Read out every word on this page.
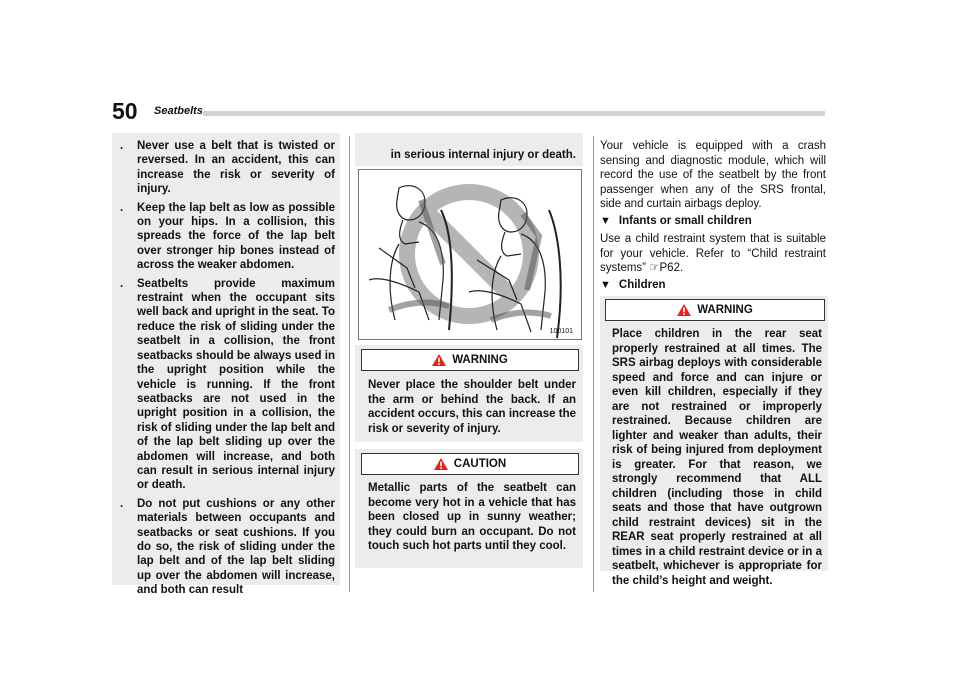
50 Seatbelts
. Never use a belt that is twisted or reversed. In an accident, this can increase the risk or severity of injury.
. Keep the lap belt as low as possible on your hips. In a collision, this spreads the force of the lap belt over stronger hip bones instead of across the weaker abdomen.
. Seatbelts provide maximum restraint when the occupant sits well back and upright in the seat. To reduce the risk of sliding under the seatbelt in a collision, the front seatbacks should be always used in the upright position while the vehicle is running. If the front seatbacks are not used in the upright position in a collision, the risk of sliding under the lap belt and of the lap belt sliding up over the abdomen will increase, and both can result in serious internal injury or death.
. Do not put cushions or any other materials between occupants and seatbacks or seat cushions. If you do so, the risk of sliding under the lap belt and of the lap belt sliding up over the abdomen will increase, and both can result
in serious internal injury or death.
100101
WARNING
Never place the shoulder belt under the arm or behind the back. If an accident occurs, this can increase the risk or severity of injury.
CAUTION
Metallic parts of the seatbelt can become very hot in a vehicle that has been closed up in sunny weather; they could burn an occupant. Do not touch such hot parts until they cool.
Your vehicle is equipped with a crash sensing and diagnostic module, which will record the use of the seatbelt by the front passenger when any of the SRS frontal, side and curtain airbags deploy.
▼ Infants or small children
Use a child restraint system that is suitable for your vehicle. Refer to “Child restraint systems” ☞P62.
▼ Children
WARNING
Place children in the rear seat properly restrained at all times. The SRS airbag deploys with considerable speed and force and can injure or even kill children, especially if they are not restrained or improperly restrained. Because children are lighter and weaker than adults, their risk of being injured from deployment is greater. For that reason, we strongly recommend that ALL children (including those in child seats and those that have outgrown child restraint devices) sit in the REAR seat properly restrained at all times in a child restraint device or in a seatbelt, whichever is appropriate for the child’s height and weight.
